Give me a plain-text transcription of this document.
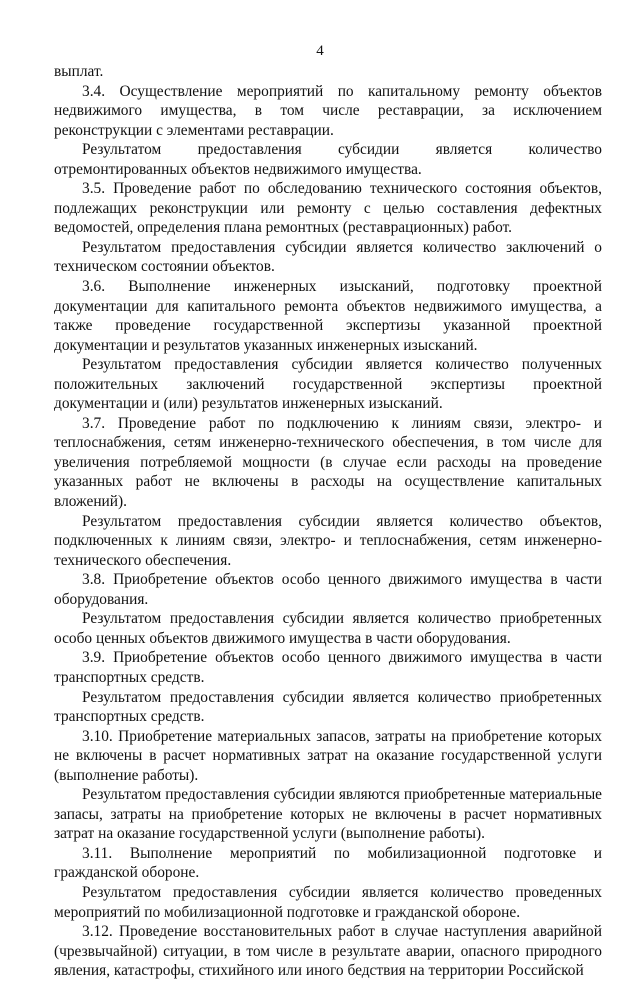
4

выплат.

3.4. Осуществление мероприятий по капитальному ремонту объектов недвижимого имущества, в том числе реставрации, за исключением реконструкции с элементами реставрации.

Результатом предоставления субсидии является количество отремонтированных объектов недвижимого имущества.

3.5. Проведение работ по обследованию технического состояния объектов, подлежащих реконструкции или ремонту с целью составления дефектных ведомостей, определения плана ремонтных (реставрационных) работ.

Результатом предоставления субсидии является количество заключений о техническом состоянии объектов.

3.6. Выполнение инженерных изысканий, подготовку проектной документации для капитального ремонта объектов недвижимого имущества, а также проведение государственной экспертизы указанной проектной документации и результатов указанных инженерных изысканий.

Результатом предоставления субсидии является количество полученных положительных заключений государственной экспертизы проектной документации и (или) результатов инженерных изысканий.

3.7. Проведение работ по подключению к линиям связи, электро- и теплоснабжения, сетям инженерно-технического обеспечения, в том числе для увеличения потребляемой мощности (в случае если расходы на проведение указанных работ не включены в расходы на осуществление капитальных вложений).

Результатом предоставления субсидии является количество объектов, подключенных к линиям связи, электро- и теплоснабжения, сетям инженерно-технического обеспечения.

3.8. Приобретение объектов особо ценного движимого имущества в части оборудования.

Результатом предоставления субсидии является количество приобретенных особо ценных объектов движимого имущества в части оборудования.

3.9. Приобретение объектов особо ценного движимого имущества в части транспортных средств.

Результатом предоставления субсидии является количество приобретенных транспортных средств.

3.10. Приобретение материальных запасов, затраты на приобретение которых не включены в расчет нормативных затрат на оказание государственной услуги (выполнение работы).

Результатом предоставления субсидии являются приобретенные материальные запасы, затраты на приобретение которых не включены в расчет нормативных затрат на оказание государственной услуги (выполнение работы).

3.11. Выполнение мероприятий по мобилизационной подготовке и гражданской обороне.

Результатом предоставления субсидии является количество проведенных мероприятий по мобилизационной подготовке и гражданской обороне.

3.12. Проведение восстановительных работ в случае наступления аварийной (чрезвычайной) ситуации, в том числе в результате аварии, опасного природного явления, катастрофы, стихийного или иного бедствия на территории Российской
